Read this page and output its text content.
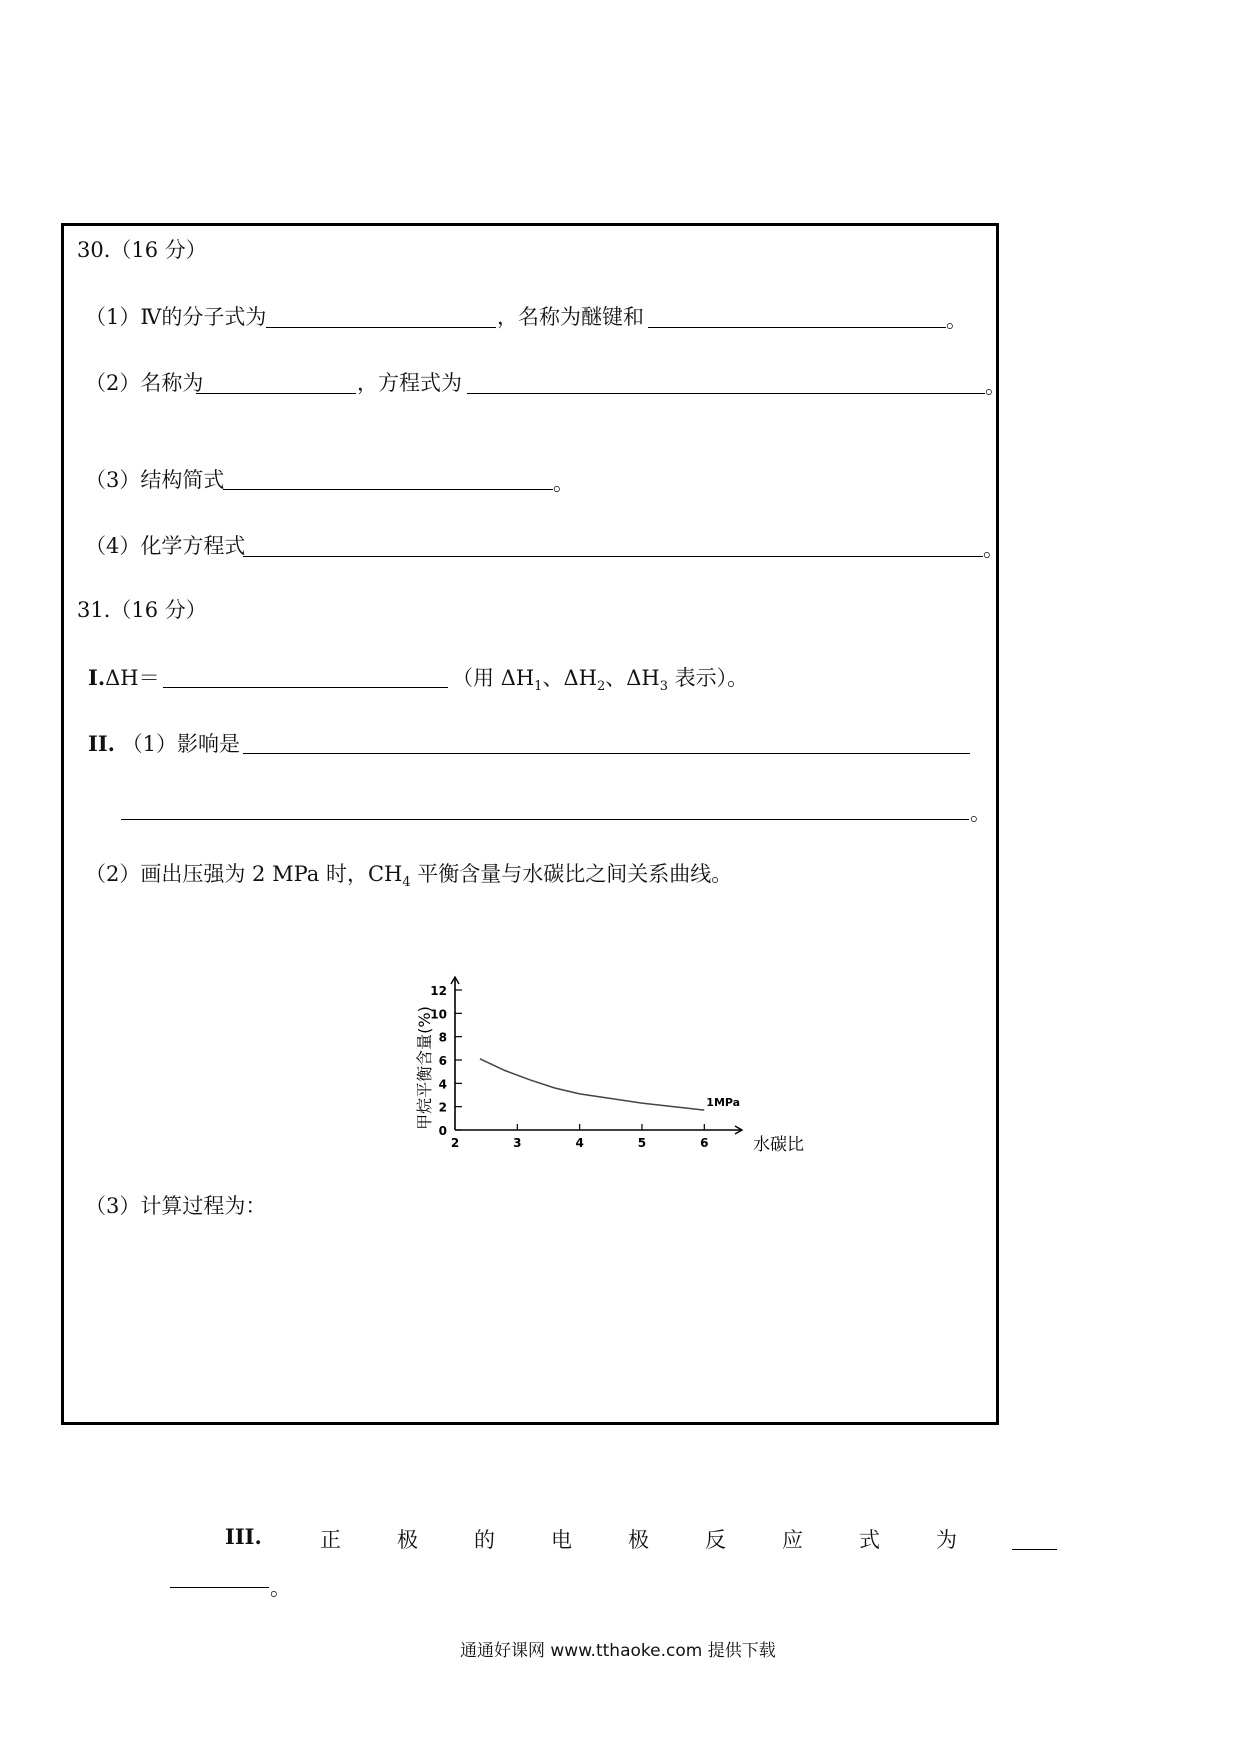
30.（16 分）
（1）Ⅳ的分子式为	，名称为醚键和	。
（2）名称为	，方程式为	。
（3）结构简式	。
（4）化学方程式	。
31.（16 分）
I.ΔH＝	（用 $\Delta H_1$、$\Delta H_2$、$\Delta H_3$ 表示）。
II. （1）影响是
。
（2）画出压强为 2 MPa 时，$CH_4$ 平衡含量与水碳比之间关系曲线。
0
2
4
6
8
10
12
2	3	4	5	6	水碳比
甲烷平衡含量(%)	1MPa
（3）计算过程为：
III.	正	极	的	电	极	反	应	式	为
。
通通好课网 www.tthaoke.com 提供下载
